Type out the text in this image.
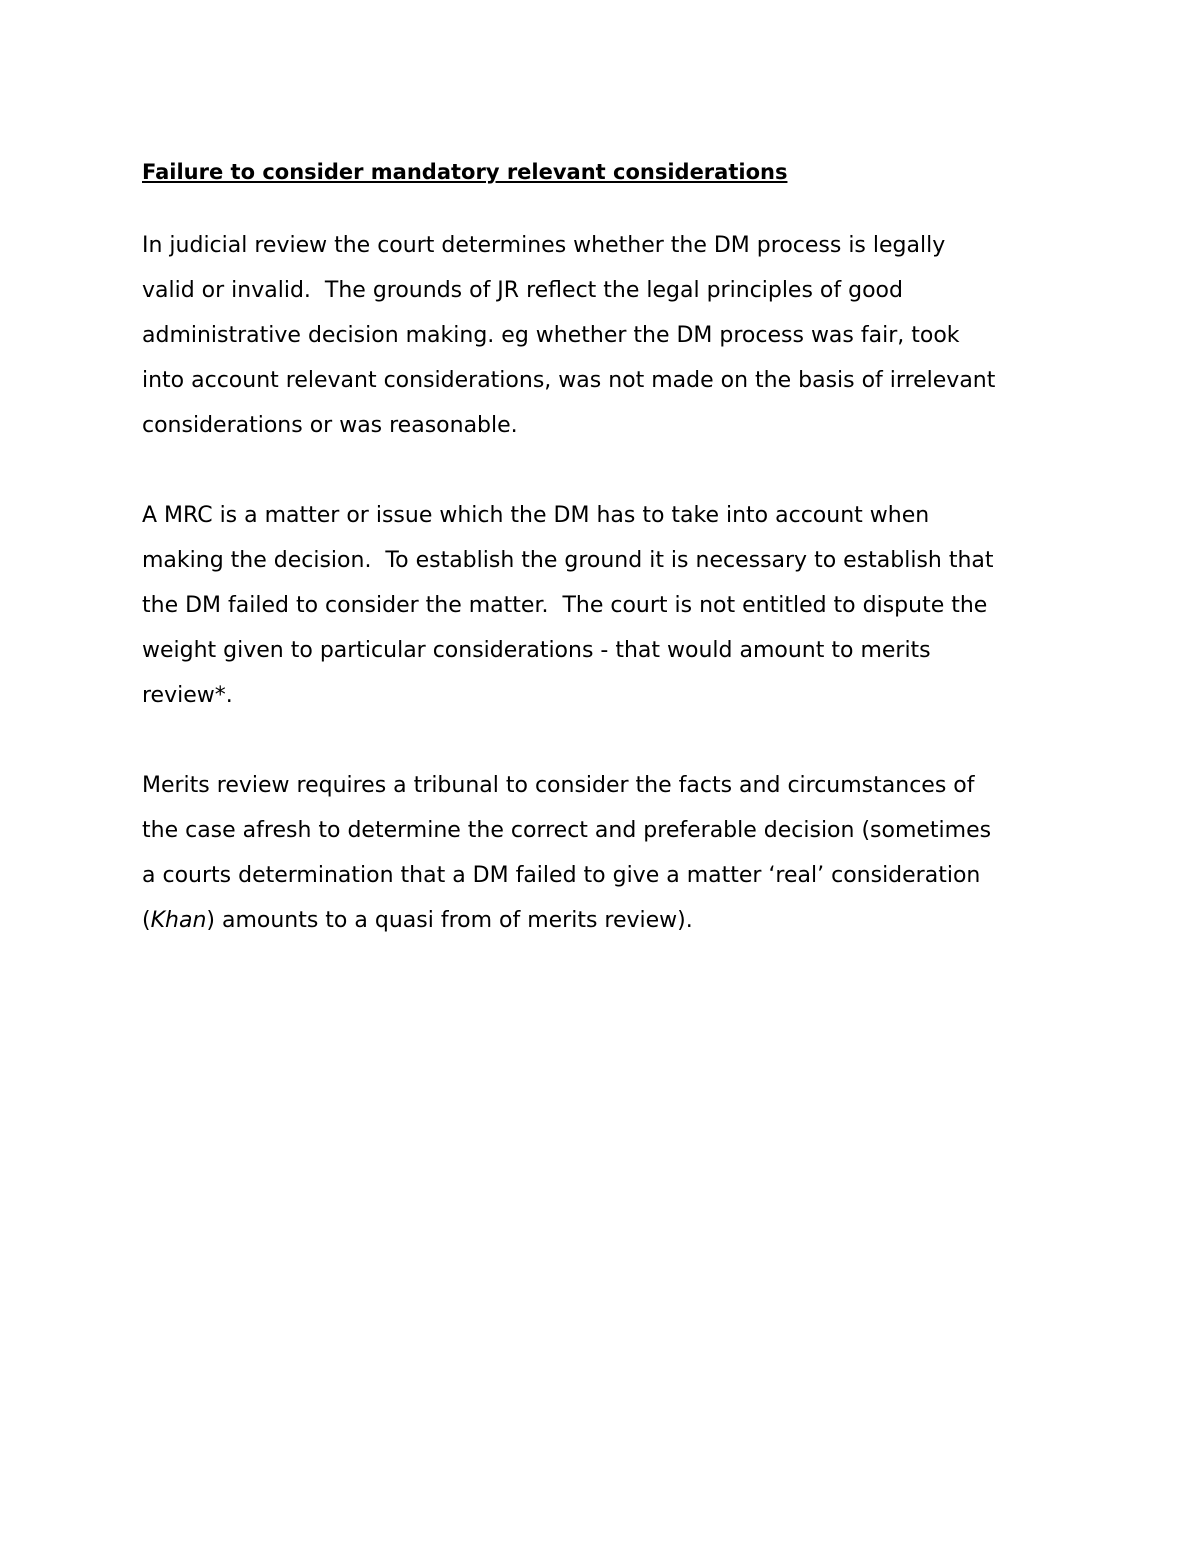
Failure to consider mandatory relevant considerations
In judicial review the court determines whether the DM process is legally
valid or invalid.  The grounds of JR reflect the legal principles of good
administrative decision making. eg whether the DM process was fair, took
into account relevant considerations, was not made on the basis of irrelevant
considerations or was reasonable.
A MRC is a matter or issue which the DM has to take into account when
making the decision.  To establish the ground it is necessary to establish that
the DM failed to consider the matter.  The court is not entitled to dispute the
weight given to particular considerations - that would amount to merits
review*.
Merits review requires a tribunal to consider the facts and circumstances of
the case afresh to determine the correct and preferable decision (sometimes
a courts determination that a DM failed to give a matter ‘real’ consideration
(Khan) amounts to a quasi from of merits review).
